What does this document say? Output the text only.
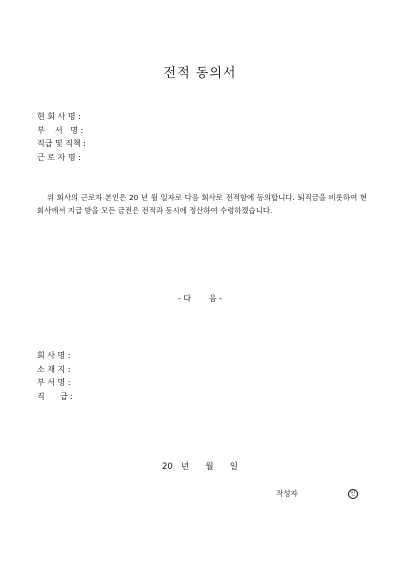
전적 동의서
현 회 사 명 :
부    서   명 :
직급 및 직책 :
근 로 자 명 :
위 회사의 근로자 본인은 20 년 월 일자로 다음 회사로 전적함에 동의합니다. 퇴직금을 비롯하여 현 회사에서 지급 받을 모든 금전은 전적과 동시에 정산하여 수령하겠습니다.
- 다       음 -
회 사 명 :
소 재 지 :
부 서 명 :
직      급 :
20   년      월      일
작성자	인
